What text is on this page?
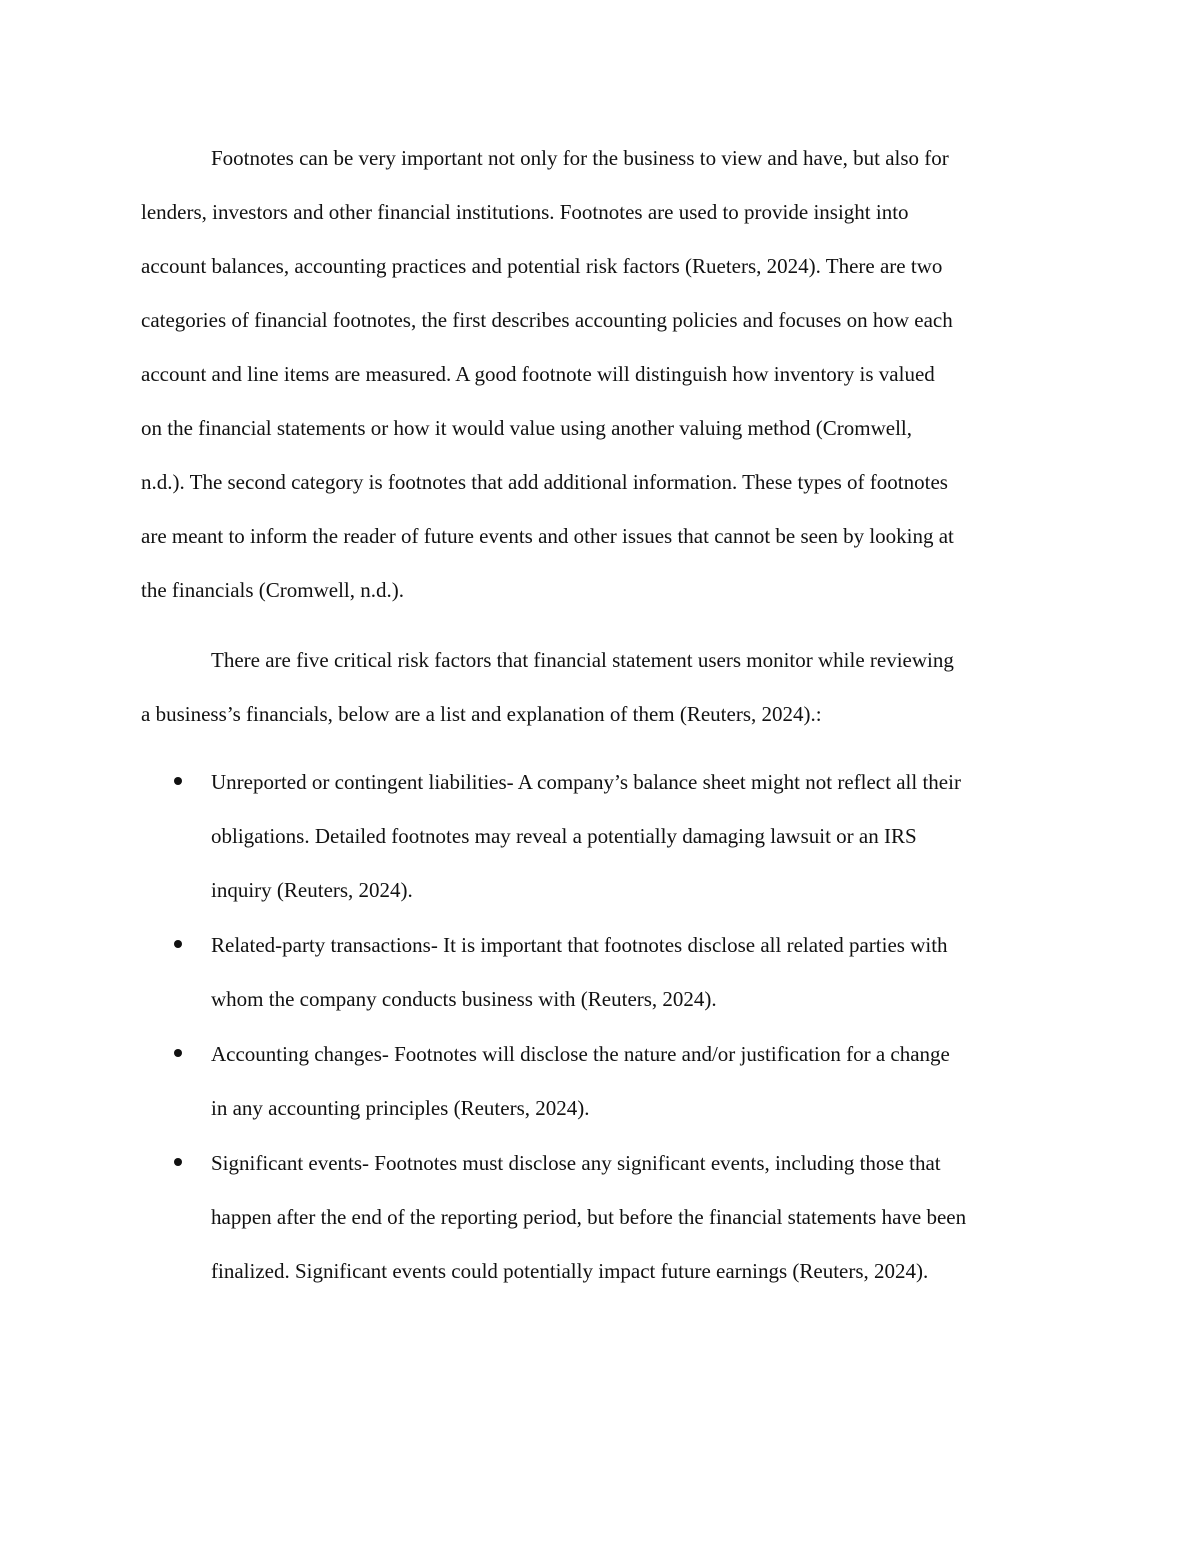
Footnotes can be very important not only for the business to view and have, but also for
lenders, investors and other financial institutions. Footnotes are used to provide insight into
account balances, accounting practices and potential risk factors (Rueters, 2024). There are two
categories of financial footnotes, the first describes accounting policies and focuses on how each
account and line items are measured. A good footnote will distinguish how inventory is valued
on the financial statements or how it would value using another valuing method (Cromwell,
n.d.). The second category is footnotes that add additional information. These types of footnotes
are meant to inform the reader of future events and other issues that cannot be seen by looking at
the financials (Cromwell, n.d.).
There are five critical risk factors that financial statement users monitor while reviewing
a business’s financials, below are a list and explanation of them (Reuters, 2024).:
Unreported or contingent liabilities- A company’s balance sheet might not reflect all their
obligations. Detailed footnotes may reveal a potentially damaging lawsuit or an IRS
inquiry (Reuters, 2024).
Related-party transactions- It is important that footnotes disclose all related parties with
whom the company conducts business with (Reuters, 2024).
Accounting changes- Footnotes will disclose the nature and/or justification for a change
in any accounting principles (Reuters, 2024).
Significant events- Footnotes must disclose any significant events, including those that
happen after the end of the reporting period, but before the financial statements have been
finalized. Significant events could potentially impact future earnings (Reuters, 2024).
